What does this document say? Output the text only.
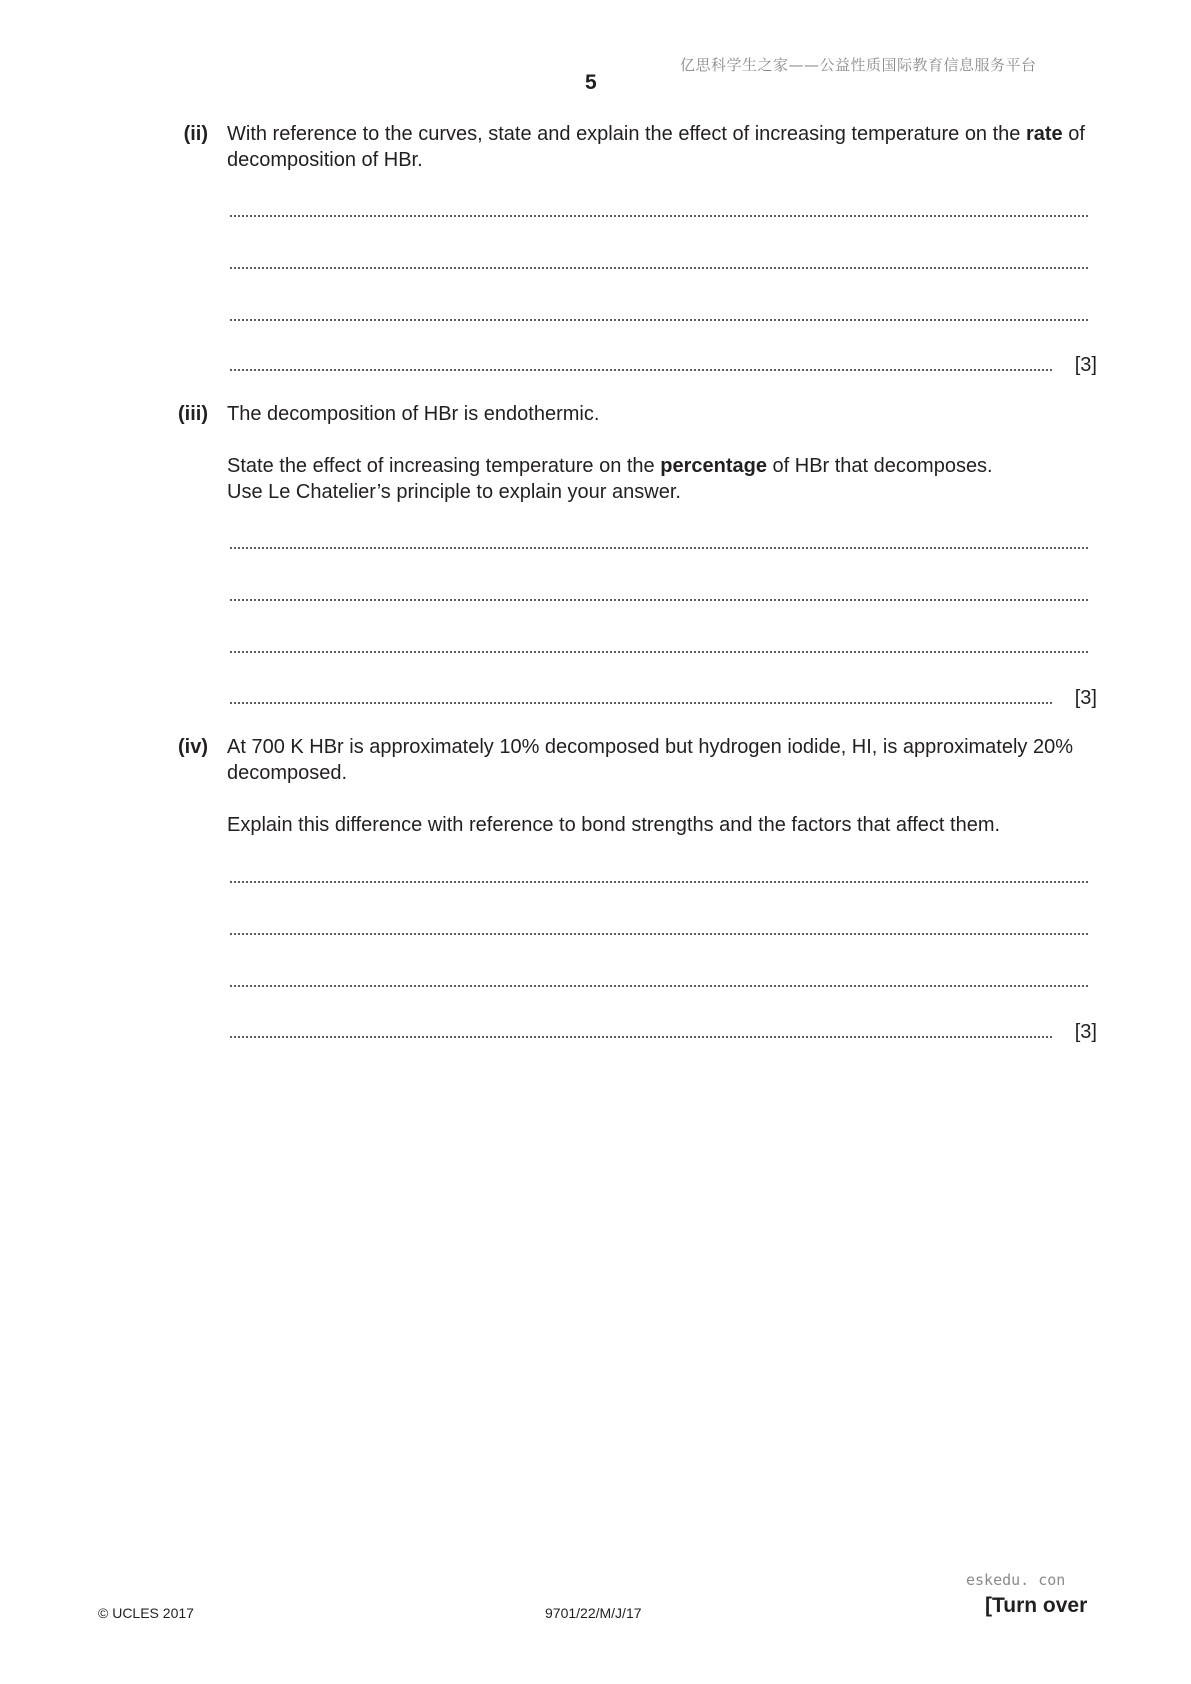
亿思科学生之家——公益性质国际教育信息服务平台
5
(ii) With reference to the curves, state and explain the effect of increasing temperature on the rate of decomposition of HBr.

[3]
(iii) The decomposition of HBr is endothermic.

State the effect of increasing temperature on the percentage of HBr that decomposes.

Use Le Chatelier’s principle to explain your answer.

[3]
(iv) At 700 K HBr is approximately 10% decomposed but hydrogen iodide, HI, is approximately 20% decomposed.
Explain this difference with reference to bond strengths and the factors that affect them.
[3]
eskedu. con
© UCLES 2017	9701/22/M/J/17	[Turn over
